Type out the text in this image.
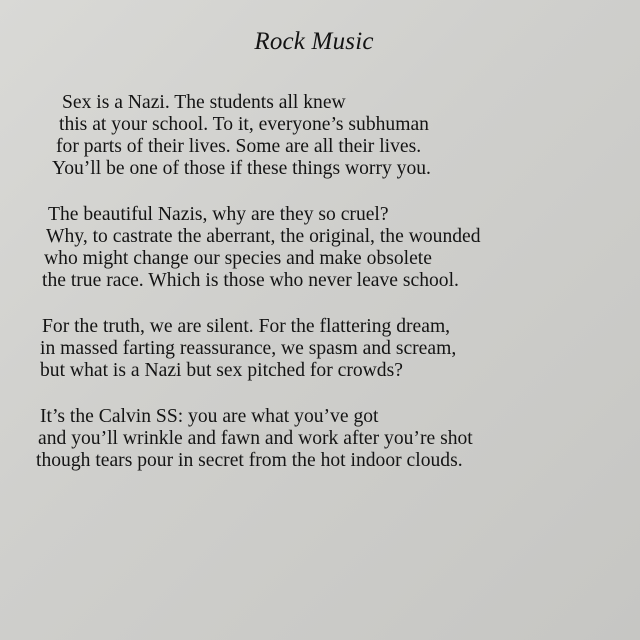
Rock Music
Sex is a Nazi. The students all knew
this at your school. To it, everyone’s subhuman
for parts of their lives. Some are all their lives.
You’ll be one of those if these things worry you.
The beautiful Nazis, why are they so cruel?
Why, to castrate the aberrant, the original, the wounded
who might change our species and make obsolete
the true race. Which is those who never leave school.
For the truth, we are silent. For the flattering dream,
in massed farting reassurance, we spasm and scream,
but what is a Nazi but sex pitched for crowds?
It’s the Calvin SS: you are what you’ve got
and you’ll wrinkle and fawn and work after you’re shot
though tears pour in secret from the hot indoor clouds.
